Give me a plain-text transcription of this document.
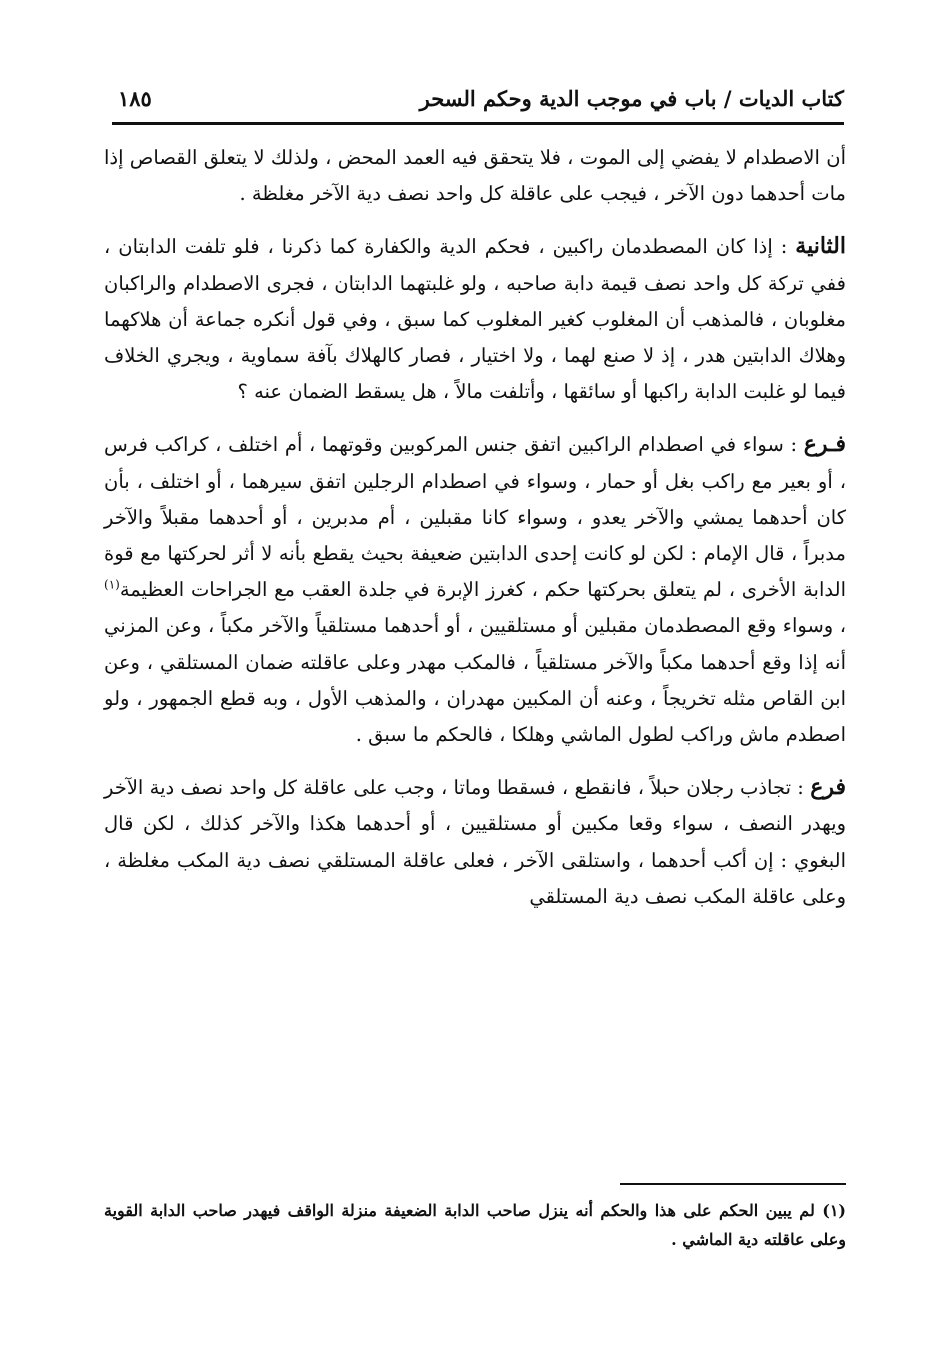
كتاب الديات / باب في موجب الدية وحكم السحر
١٨٥

أن الاصطدام لا يفضي إلى الموت ، فلا يتحقق فيه العمد المحض ، ولذلك لا يتعلق القصاص إذا مات أحدهما دون الآخر ، فيجب على عاقلة كل واحد نصف دية الآخر مغلظة .

الثانية : إذا كان المصطدمان راكبين ، فحكم الدية والكفارة كما ذكرنا ، فلو تلفت الدابتان ، ففي تركة كل واحد نصف قيمة دابة صاحبه ، ولو غلبتهما الدابتان ، فجرى الاصطدام والراكبان مغلوبان ، فالمذهب أن المغلوب كغير المغلوب كما سبق ، وفي قول أنكره جماعة أن هلاكهما وهلاك الدابتين هدر ، إذ لا صنع لهما ، ولا اختيار ، فصار كالهلاك بآفة سماوية ، ويجري الخلاف فيما لو غلبت الدابة راكبها أو سائقها ، وأتلفت مالاً ، هل يسقط الضمان عنه ؟

فـرع : سواء في اصطدام الراكبين اتفق جنس المركوبين وقوتهما ، أم اختلف ، كراكب فرس ، أو بعير مع راكب بغل أو حمار ، وسواء في اصطدام الرجلين اتفق سيرهما ، أو اختلف ، بأن كان أحدهما يمشي والآخر يعدو ، وسواء كانا مقبلين ، أم مدبرين ، أو أحدهما مقبلاً والآخر مدبراً ، قال الإمام : لكن لو كانت إحدى الدابتين ضعيفة بحيث يقطع بأنه لا أثر لحركتها مع قوة الدابة الأخرى ، لم يتعلق بحركتها حكم ، كغرز الإبرة في جلدة العقب مع الجراحات العظيمة$^{(١)}$ ، وسواء وقع المصطدمان مقبلين أو مستلقيين ، أو أحدهما مستلقياً والآخر مكباً ، وعن المزني أنه إذا وقع أحدهما مكباً والآخر مستلقياً ، فالمكب مهدر وعلى عاقلته ضمان المستلقي ، وعن ابن القاص مثله تخريجاً ، وعنه أن المكبين مهدران ، والمذهب الأول ، وبه قطع الجمهور ، ولو اصطدم ماش وراكب لطول الماشي وهلكا ، فالحكم ما سبق .

فرع : تجاذب رجلان حبلاً ، فانقطع ، فسقطا وماتا ، وجب على عاقلة كل واحد نصف دية الآخر ويهدر النصف ، سواء وقعا مكبين أو مستلقيين ، أو أحدهما هكذا والآخر كذلك ، لكن قال البغوي : إن أكب أحدهما ، واستلقى الآخر ، فعلى عاقلة المستلقي نصف دية المكب مغلظة ، وعلى عاقلة المكب نصف دية المستلقي

(١) لم يبين الحكم على هذا والحكم أنه ينزل صاحب الدابة الضعيفة منزلة الواقف فيهدر صاحب الدابة القوية وعلى عاقلته دية الماشي .
